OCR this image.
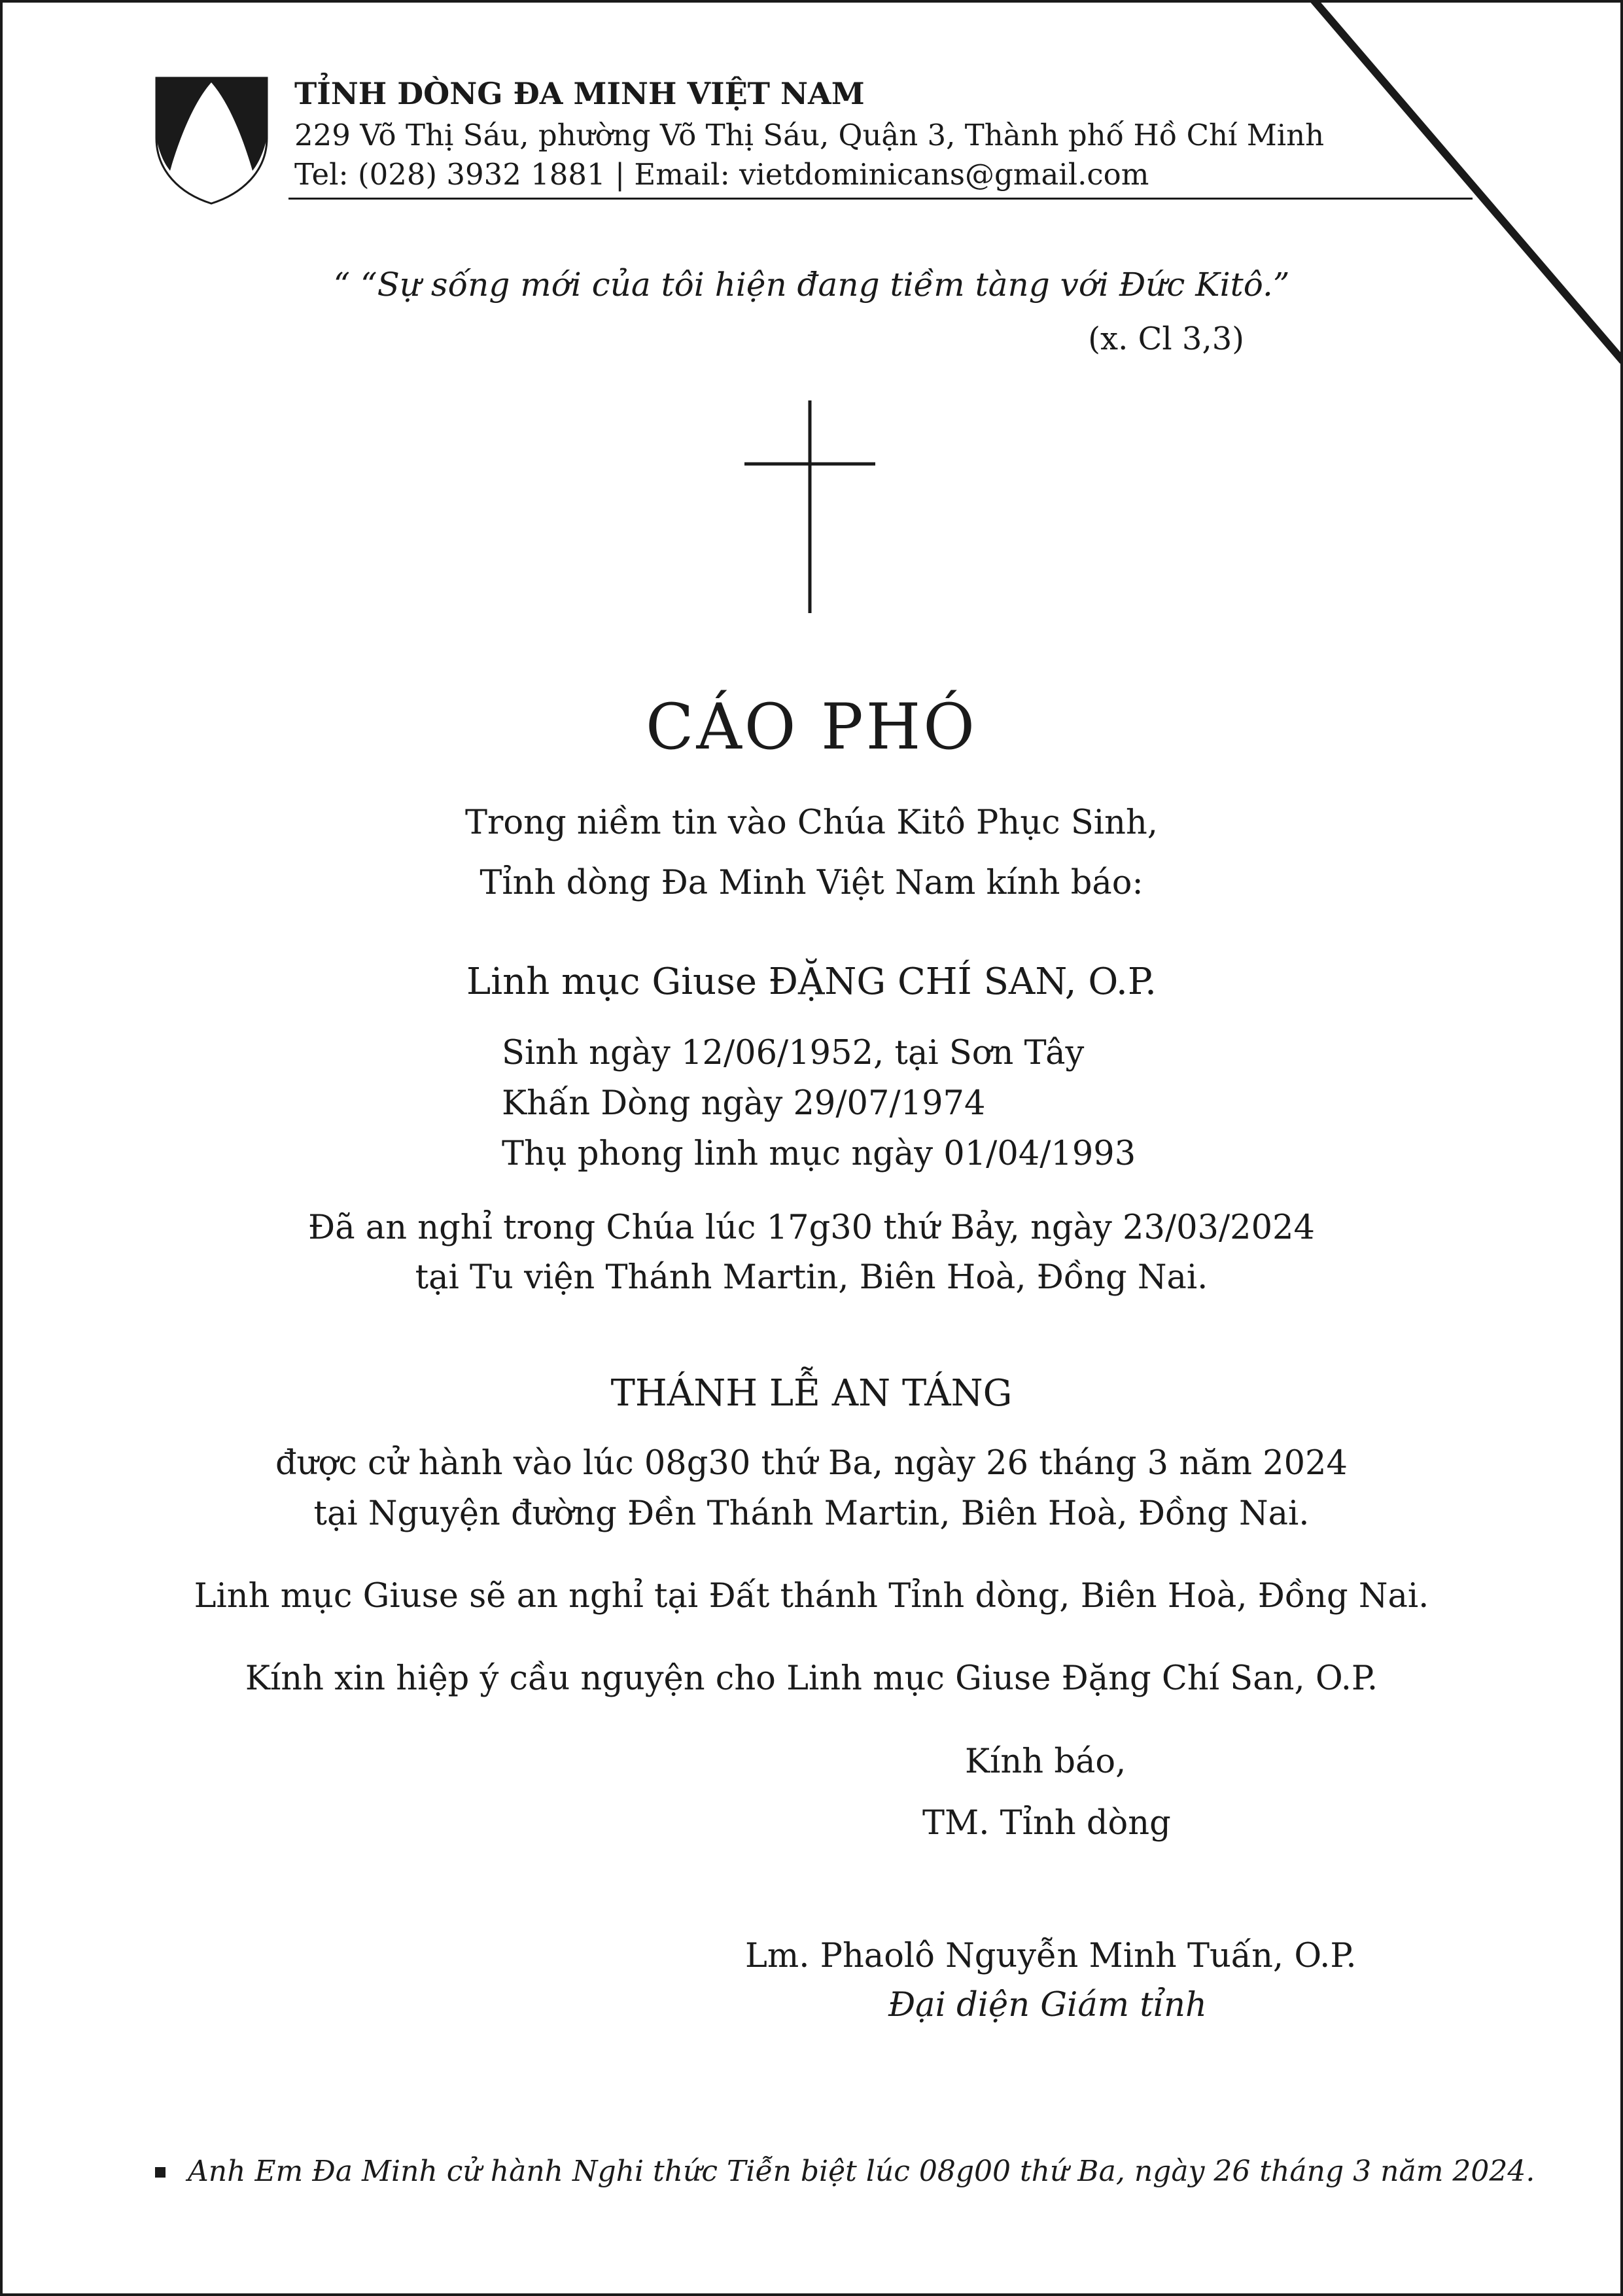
TỈNH DÒNG ĐA MINH VIỆT NAM
229 Võ Thị Sáu, phường Võ Thị Sáu, Quận 3, Thành phố Hồ Chí Minh
Tel: (028) 3932 1881 | Email: vietdominicans@gmail.com
“ “Sự sống mới của tôi hiện đang tiềm tàng với Đức Kitô.”
(x. Cl 3,3)
CÁO PHÓ
Trong niềm tin vào Chúa Kitô Phục Sinh,
Tỉnh dòng Đa Minh Việt Nam kính báo:
Linh mục Giuse ĐẶNG CHÍ SAN, O.P.
Sinh ngày 12/06/1952, tại Sơn Tây
Khấn Dòng ngày 29/07/1974
Thụ phong linh mục ngày 01/04/1993
Đã an nghỉ trong Chúa lúc 17g30 thứ Bảy, ngày 23/03/2024
tại Tu viện Thánh Martin, Biên Hoà, Đồng Nai.
THÁNH LỄ AN TÁNG
được cử hành vào lúc 08g30 thứ Ba, ngày 26 tháng 3 năm 2024
tại Nguyện đường Đền Thánh Martin, Biên Hoà, Đồng Nai.
Linh mục Giuse sẽ an nghỉ tại Đất thánh Tỉnh dòng, Biên Hoà, Đồng Nai.
Kính xin hiệp ý cầu nguyện cho Linh mục Giuse Đặng Chí San, O.P.
Kính báo,
TM. Tỉnh dòng
Lm. Phaolô Nguyễn Minh Tuấn, O.P.
Đại diện Giám tỉnh
Anh Em Đa Minh cử hành Nghi thức Tiễn biệt lúc 08g00 thứ Ba, ngày 26 tháng 3 năm 2024.
